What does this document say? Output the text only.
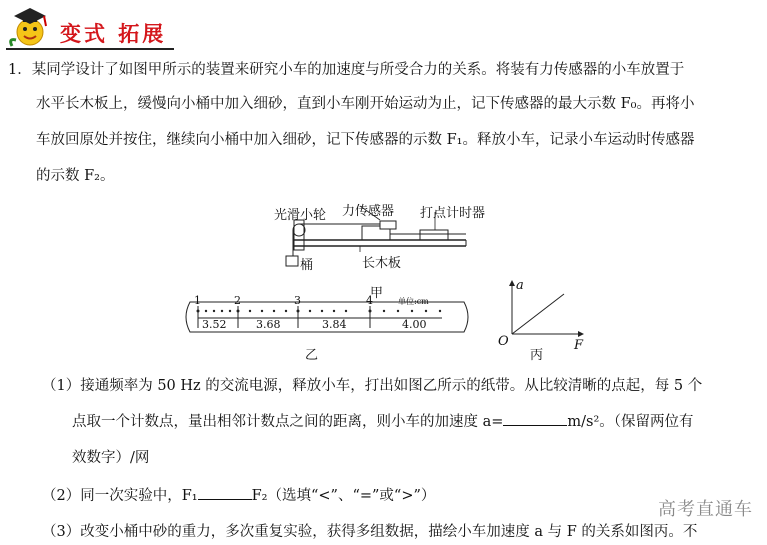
变式 拓展
1．某同学设计了如图甲所示的装置来研究小车的加速度与所受合力的关系。将装有力传感器的小车放置于
水平长木板上，缓慢向小桶中加入细砂，直到小车刚开始运动为止，记下传感器的最大示数 F₀。再将小
车放回原处并按住，继续向小桶中加入细砂，记下传感器的示数 F₁。释放小车，记录小车运动时传感器
的示数 F₂。
光滑小轮 力传感器 打点计时器
桶	长木板
甲
1	2	3	4	单位:cm
3.52	3.68	3.84	4.00
乙
a
F
O
丙
（1）接通频率为 50 Hz 的交流电源，释放小车，打出如图乙所示的纸带。从比较清晰的点起，每 5 个
点取一个计数点，量出相邻计数点之间的距离，则小车的加速度 a=	m/s²。（保留两位有
效数字）/网
（2）同一次实验中，F₁	F₂（选填“<”、“=”或“>”）
（3）改变小桶中砂的重力，多次重复实验，获得多组数据，描绘小车加速度 a 与 F 的关系如图丙。不
高考直通车
